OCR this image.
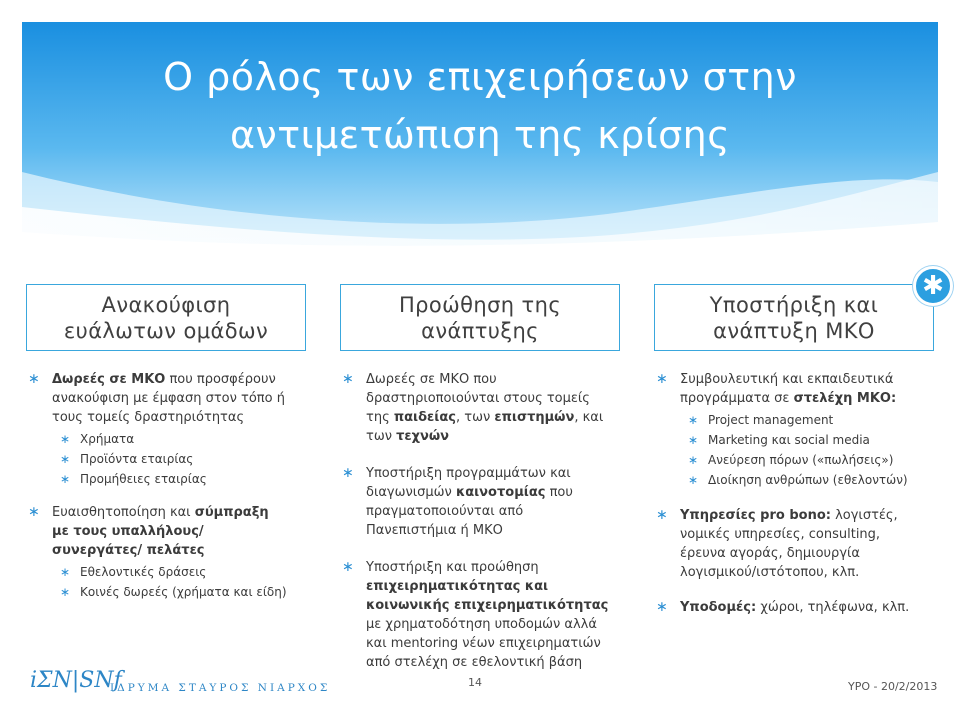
Ο ρόλος των επιχειρήσεων στην
αντιμετώπιση της κρίσης
Ανακούφιση
ευάλωτων ομάδων
∗ Δωρεές σε ΜΚΟ που προσφέρουν ανακούφιση με έμφαση στον τόπο ή τους τομείς δραστηριότητας
∗ Χρήματα
∗ Προϊόντα εταιρίας
∗ Προμήθειες εταιρίας
∗ Ευαισθητοποίηση και σύμπραξη με τους υπαλλήλους/ συνεργάτες/ πελάτες
∗ Εθελοντικές δράσεις
∗ Κοινές δωρεές (χρήματα και είδη)
Προώθηση της
ανάπτυξης
∗ Δωρεές σε ΜΚΟ που δραστηριοποιούνται στους τομείς της παιδείας, των επιστημών, και των τεχνών
∗ Υποστήριξη προγραμμάτων και διαγωνισμών καινοτομίας που πραγματοποιούνται από Πανεπιστήμια ή ΜΚΟ
∗ Υποστήριξη και προώθηση επιχειρηματικότητας και κοινωνικής επιχειρηματικότητας με χρηματοδότηση υποδομών αλλά και mentoring νέων επιχειρηματιών από στελέχη σε εθελοντική βάση
Υποστήριξη και
ανάπτυξη ΜΚΟ
∗ Συμβουλευτική και εκπαιδευτικά προγράμματα σε στελέχη ΜΚΟ:
∗ Project management
∗ Marketing και social media
∗ Ανεύρεση πόρων («πωλήσεις»)
∗ Διοίκηση ανθρώπων (εθελοντών)
∗ Υπηρεσίες pro bono: λογιστές, νομικές υπηρεσίες, consulting, έρευνα αγοράς, δημιουργία λογισμικού/ιστότοπου, κλπ.
∗ Υποδομές: χώροι, τηλέφωνα, κλπ.
✱
iΣN|SNf
ΙΔΡΥΜΑ ΣΤΑΥΡΟΣ ΝΙΑΡΧΟΣ	14	YPO - 20/2/2013
